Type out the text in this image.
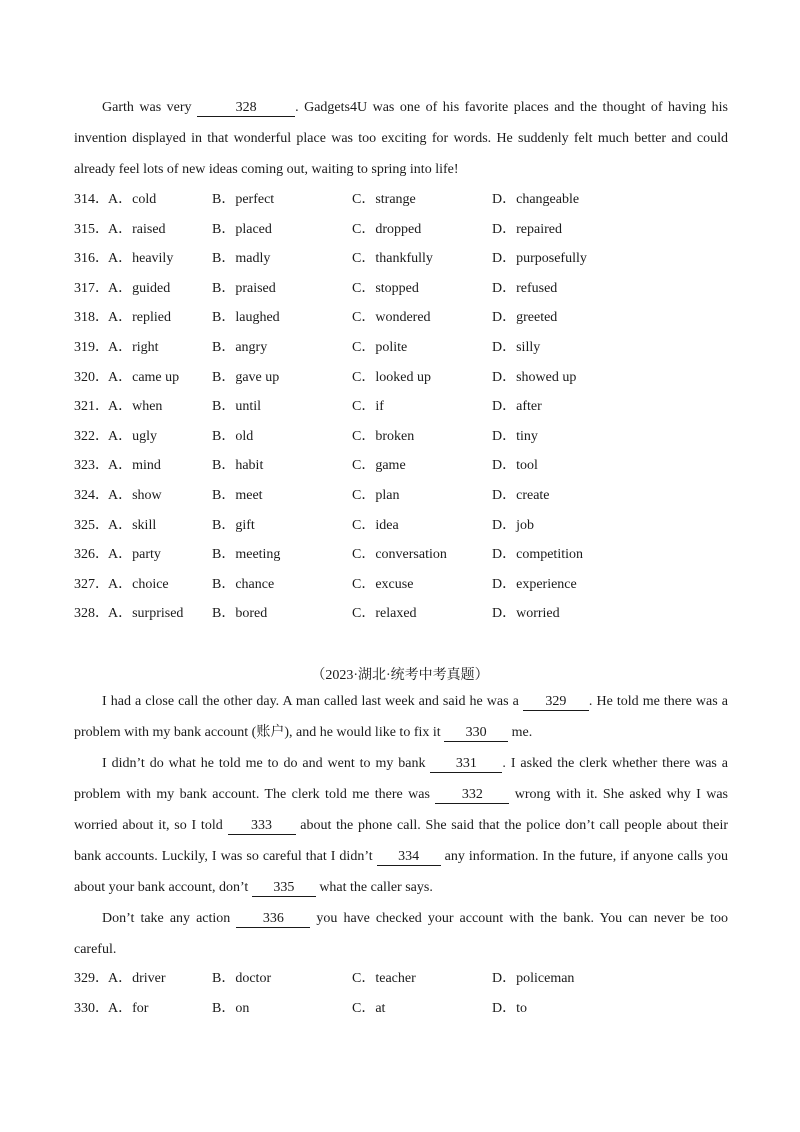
Garth was very	328	. Gadgets4U was one of his favorite places and the thought of having his invention displayed in that wonderful place was too exciting for words. He suddenly felt much better and could already feel lots of new ideas coming out, waiting to spring into life!
314． A．cold	B．perfect	C．strange	D．changeable
315． A．raised	B．placed	C．dropped	D．repaired
316． A．heavily	B．madly	C．thankfully	D．purposefully
317． A．guided	B．praised	C．stopped	D．refused
318． A．replied	B．laughed	C．wondered	D．greeted
319． A．right	B．angry	C．polite	D．silly
320． A．came up B．gave up	C．looked up	D．showed up
321． A．when	B．until	C．if	D．after
322． A．ugly	B．old	C．broken	D．tiny
323． A．mind	B．habit	C．game	D．tool
324． A．show	B．meet	C．plan	D．create
325． A．skill	B．gift	C．idea	D．job
326． A．party	B．meeting	C．conversation	D．competition
327． A．choice	B．chance	C．excuse	D．experience
328． A．surprised B．bored	C．relaxed	D．worried
（2023·湖北·统考中考真题）
I had a close call the other day. A man called last week and said he was a 329 . He told me there was a problem with my bank account (账户), and he would like to fix it 330 me.
I didn’t do what he told me to do and went to my bank 331 . I asked the clerk whether there was a problem with my bank account. The clerk told me there was 332 wrong with it. She asked why I was worried about it, so I told 333 about the phone call. She said that the police don’t call people about their bank accounts. Luckily, I was so careful that I didn’t 334 any information. In the future, if anyone calls you about your bank account, don’t 335 what the caller says.
Don’t take any action 336 you have checked your account with the bank. You can never be too careful.
329． A．driver	B．doctor	C．teacher	D．policeman
330． A．for	B．on	C．at	D．to
